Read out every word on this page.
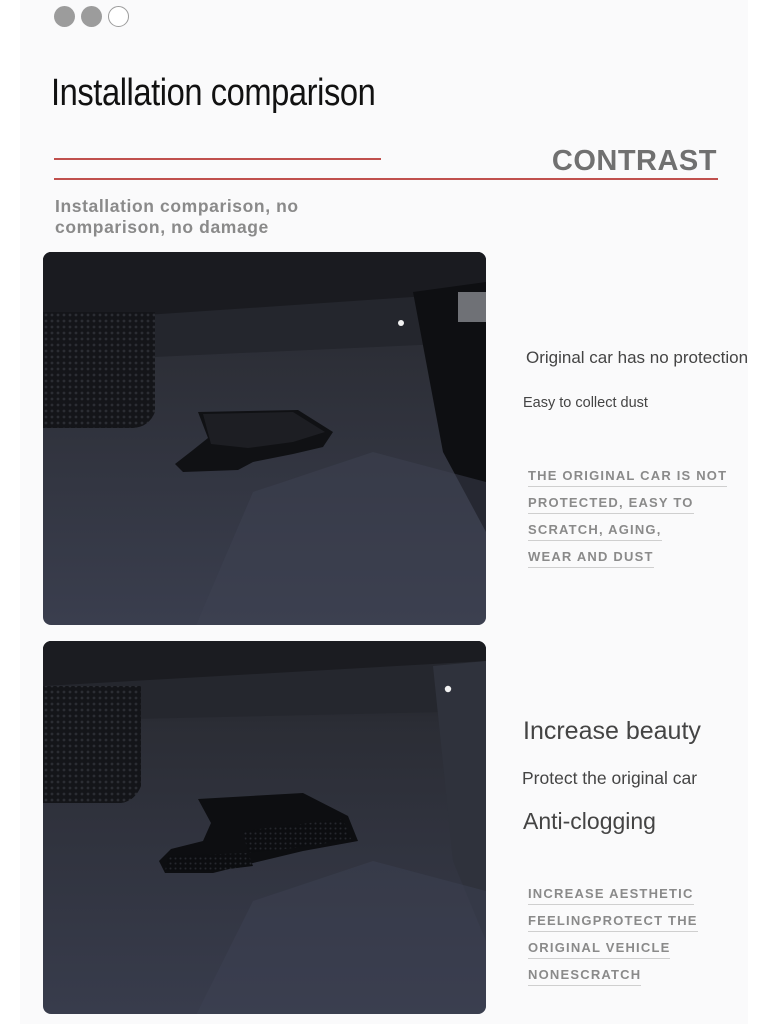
Installation comparison
CONTRAST
Installation comparison, no comparison, no damage
Original car has no protection
Easy to collect dust
THE ORIGINAL CAR IS NOT
PROTECTED, EASY TO
SCRATCH, AGING,
WEAR AND DUST
Increase beauty
Protect the original car
Anti-clogging
INCREASE AESTHETIC
FEELINGPROTECT THE
ORIGINAL VEHICLE
NONESCRATCH
